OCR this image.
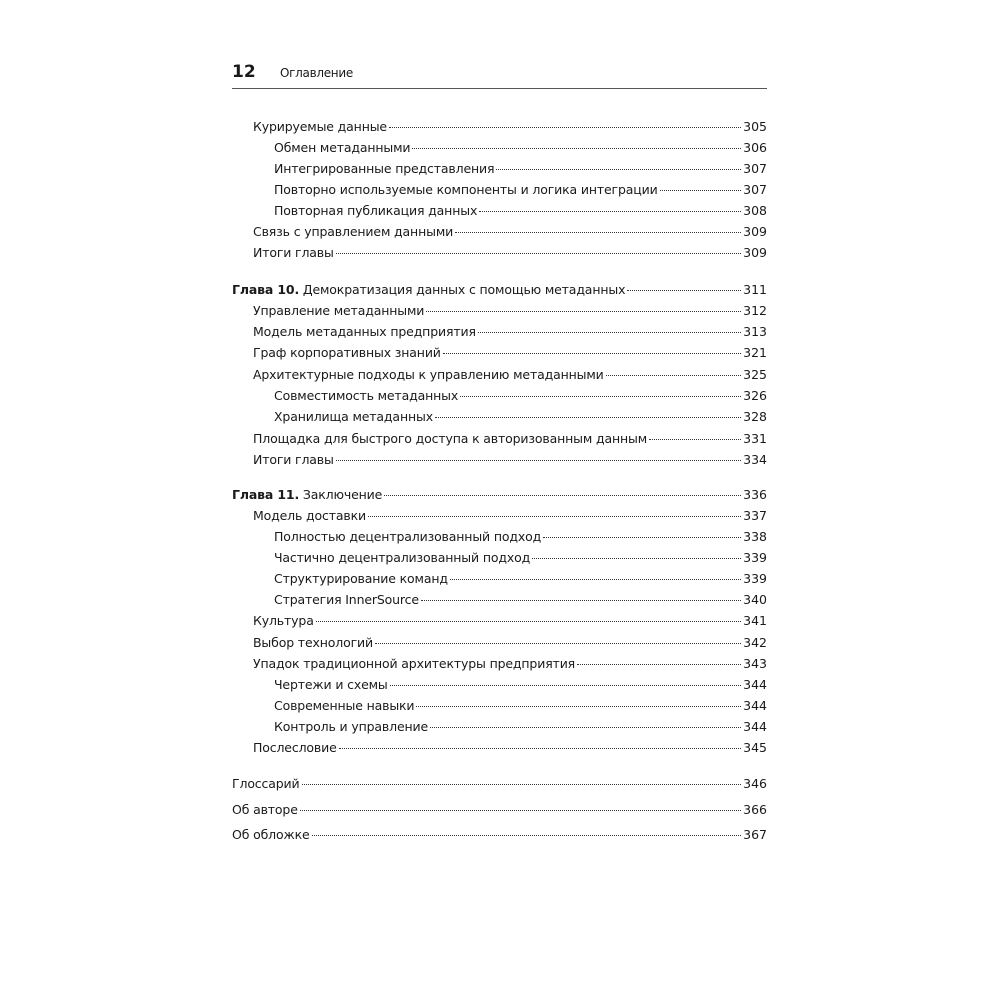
12 Оглавление
Курируемые данные	305
Обмен метаданными	306
Интегрированные представления	307
Повторно используемые компоненты и логика интеграции	307
Повторная публикация данных	308
Связь с управлением данными	309
Итоги главы	309
Глава 10. Демократизация данных с помощью метаданных	311
Управление метаданными	312
Модель метаданных предприятия	313
Граф корпоративных знаний	321
Архитектурные подходы к управлению метаданными	325
Совместимость метаданных	326
Хранилища метаданных	328
Площадка для быстрого доступа к авторизованным данным	331
Итоги главы	334
Глава 11. Заключение	336
Модель доставки	337
Полностью децентрализованный подход	338
Частично децентрализованный подход	339
Структурирование команд	339
Стратегия InnerSource	340
Культура	341
Выбор технологий	342
Упадок традиционной архитектуры предприятия	343
Чертежи и схемы	344
Современные навыки	344
Контроль и управление	344
Послесловие	345
Глоссарий	346
Об авторе	366
Об обложке	367
